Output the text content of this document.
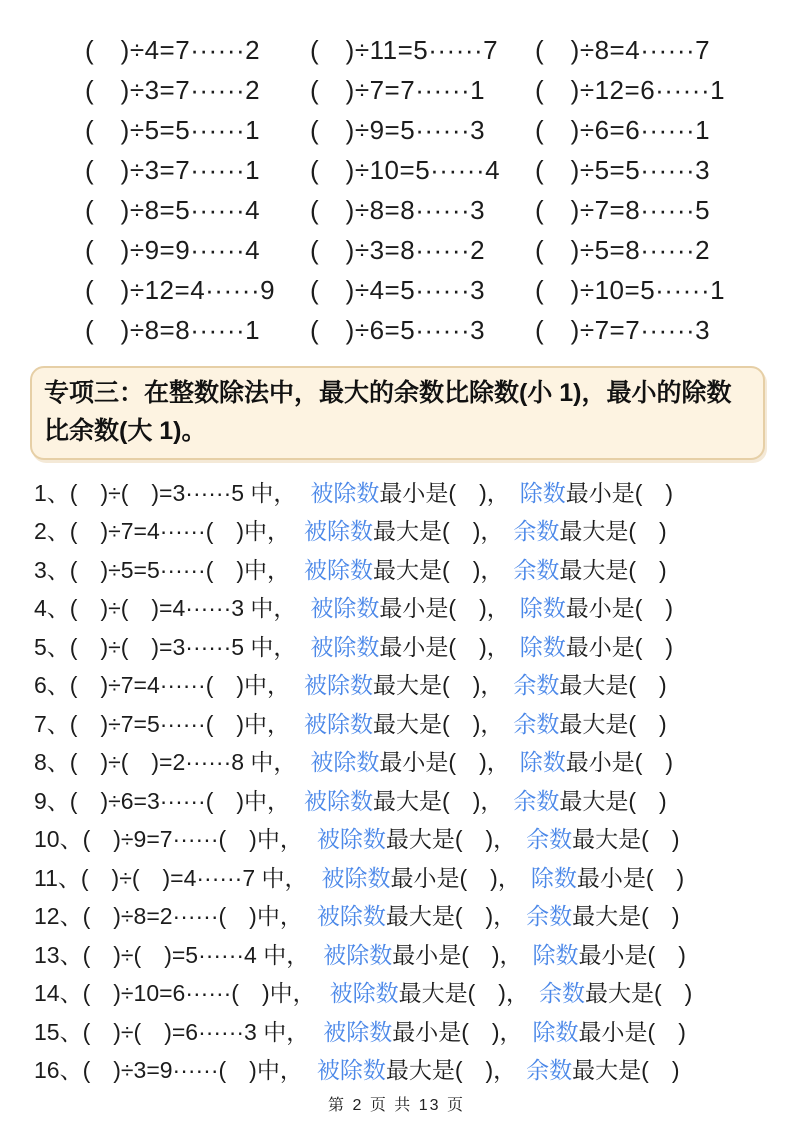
(　)÷4=7······2	(　)÷11=5······7	(　)÷8=4······7
(　)÷3=7······2	(　)÷7=7······1	(　)÷12=6······1
(　)÷5=5······1	(　)÷9=5······3	(　)÷6=6······1
(　)÷3=7······1	(　)÷10=5······4	(　)÷5=5······3
(　)÷8=5······4	(　)÷8=8······3	(　)÷7=8······5
(　)÷9=9······4	(　)÷3=8······2	(　)÷5=8······2
(　)÷12=4······9	(　)÷4=5······3	(　)÷10=5······1
(　)÷8=8······1	(　)÷6=5······3	(　)÷7=7······3
专项三：在整数除法中，最大的余数比除数(小 1)，最小的除数比余数(大 1)。
1、 (　)÷(　)=3······5 中， 被除数 最小是(　)， 除数 最小是(　)
2、 (　)÷7=4······(　)中， 被除数 最大是(　)， 余数 最大是(　)
3、 (　)÷5=5······(　)中， 被除数 最大是(　)， 余数 最大是(　)
4、 (　)÷(　)=4······3 中， 被除数 最小是(　)， 除数 最小是(　)
5、 (　)÷(　)=3······5 中， 被除数 最小是(　)， 除数 最小是(　)
6、 (　)÷7=4······(　)中， 被除数 最大是(　)， 余数 最大是(　)
7、 (　)÷7=5······(　)中， 被除数 最大是(　)， 余数 最大是(　)
8、 (　)÷(　)=2······8 中， 被除数 最小是(　)， 除数 最小是(　)
9、 (　)÷6=3······(　)中， 被除数 最大是(　)， 余数 最大是(　)
10、 (　)÷9=7······(　)中， 被除数 最大是(　)， 余数 最大是(　)
11、 (　)÷(　)=4······7 中， 被除数 最小是(　)， 除数 最小是(　)
12、 (　)÷8=2······(　)中， 被除数 最大是(　)， 余数 最大是(　)
13、 (　)÷(　)=5······4 中， 被除数 最小是(　)， 除数 最小是(　)
14、 (　)÷10=6······(　)中， 被除数 最大是(　)， 余数 最大是(　)
15、 (　)÷(　)=6······3 中， 被除数 最小是(　)， 除数 最小是(　)
16、 (　)÷3=9······(　)中， 被除数 最大是(　)， 余数 最大是(　)
第 2 页 共 13 页
